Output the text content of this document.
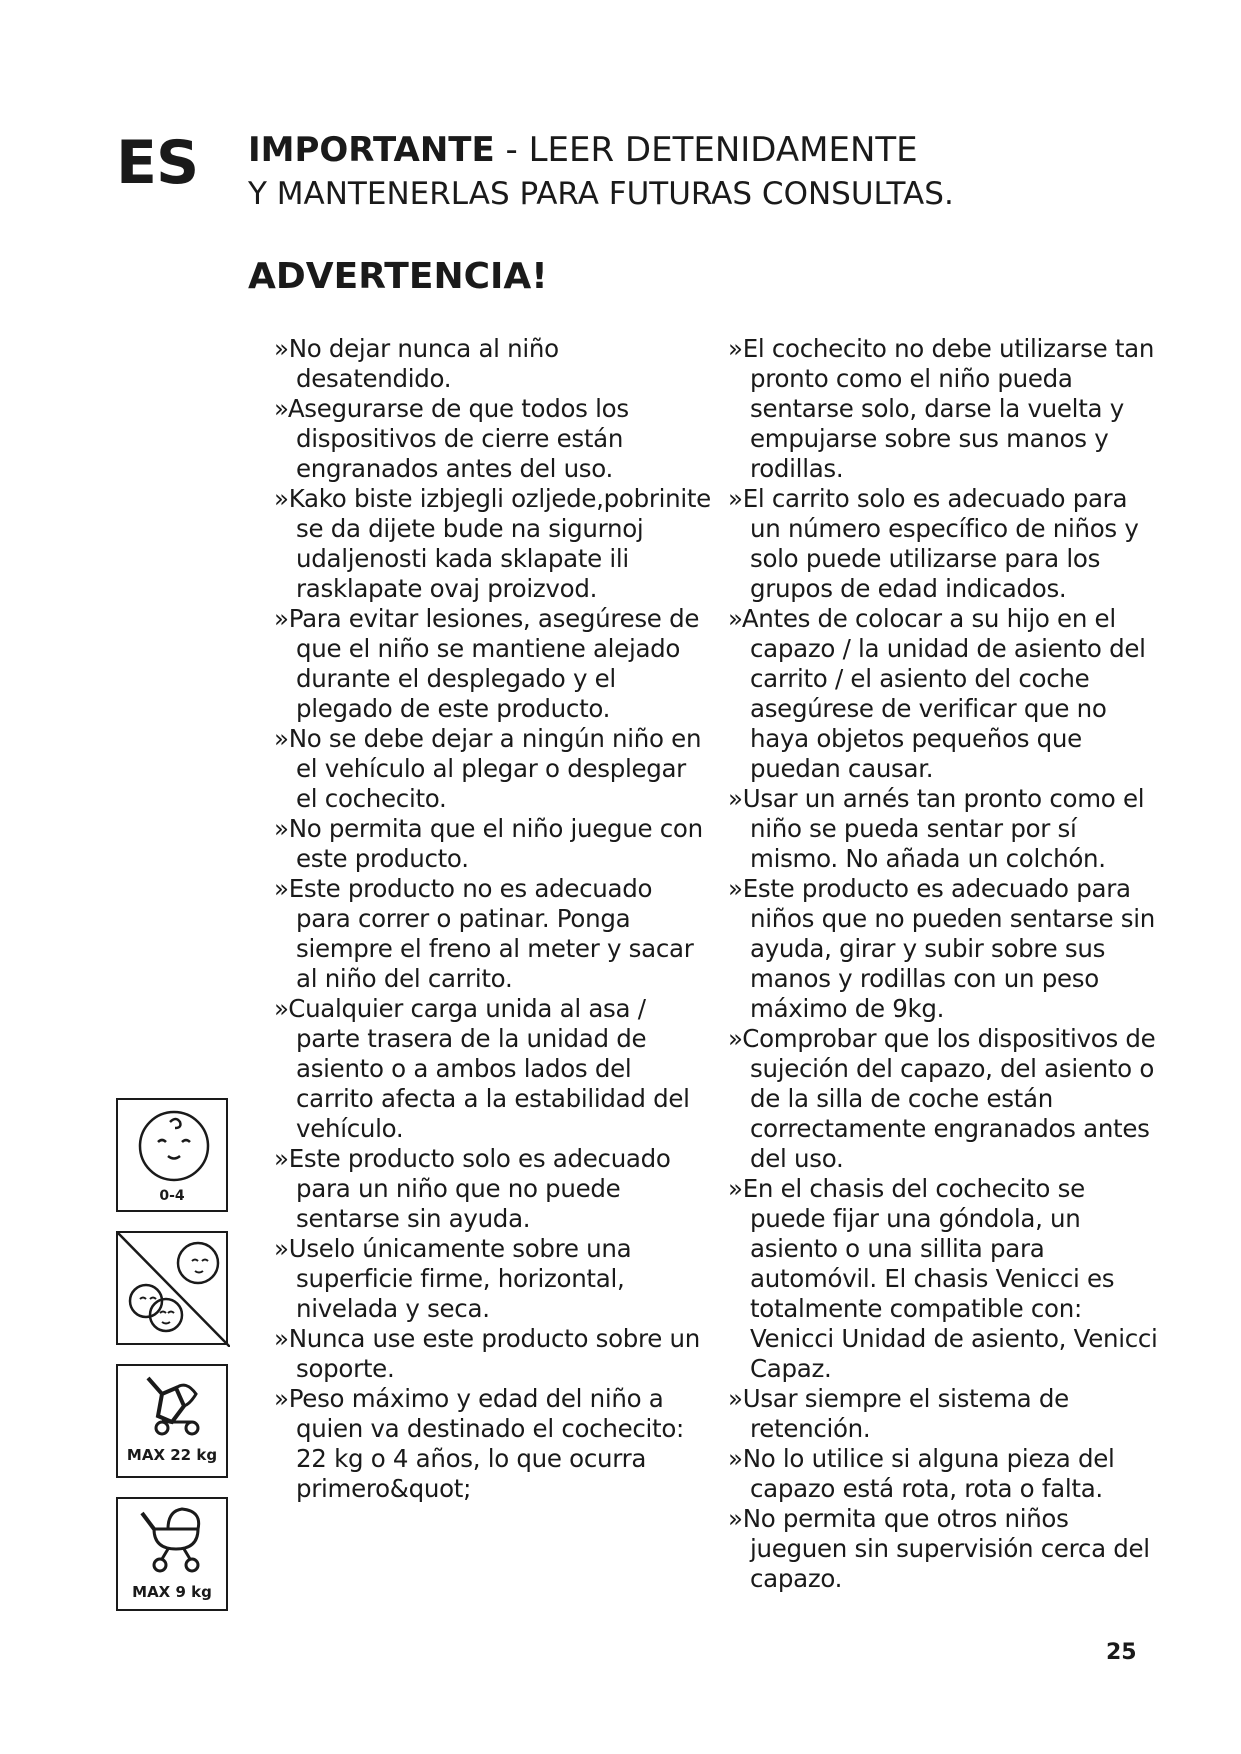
ES IMPORTANTE - LEER DETENIDAMENTE
Y MANTENERLAS PARA FUTURAS CONSULTAS.
ADVERTENCIA!

» No dejar nunca al niño desatendido.

» Asegurarse de que todos los dispositivos de cierre están engranados antes del uso.

» Kako biste izbjegli ozljede,pobrinite se da dijete bude na sigurnoj udaljenosti kada sklapate ili rasklapate ovaj proizvod.

» Para evitar lesiones, asegúrese de que el niño se mantiene alejado durante el desplegado y el plegado de este producto.

» No se debe dejar a ningún niño en el vehículo al plegar o desplegar el cochecito.

» No permita que el niño juegue con este producto.

» Este producto no es adecuado para correr o patinar. Ponga siempre el freno al meter y sacar al niño del carrito.

» Cualquier carga unida al asa / parte trasera de la unidad de asiento o a ambos lados del carrito afecta a la estabilidad del vehículo.

» Este producto solo es adecuado para un niño que no puede sentarse sin ayuda.

» Uselo únicamente sobre una superficie firme, horizontal, nivelada y seca.

» Nunca use este producto sobre un soporte.

» Peso máximo y edad del niño a quien va destinado el cochecito: 22 kg o 4 años, lo que ocurra primero&quot;

» El cochecito no debe utilizarse tan pronto como el niño pueda sentarse solo, darse la vuelta y empujarse sobre sus manos y rodillas.

» El carrito solo es adecuado para un número específico de niños y solo puede utilizarse para los grupos de edad indicados.

» Antes de colocar a su hijo en el capazo / la unidad de asiento del carrito / el asiento del coche asegúrese de verificar que no haya objetos pequeños que puedan causar.

» Usar un arnés tan pronto como el niño se pueda sentar por sí mismo. No añada un colchón.

» Este producto es adecuado para niños que no pueden sentarse sin ayuda, girar y subir sobre sus manos y rodillas con un peso máximo de 9kg.

» Comprobar que los dispositivos de sujeción del capazo, del asiento o de la silla de coche están correctamente engranados antes del uso.

» En el chasis del cochecito se puede fijar una góndola, un asiento o una sillita para automóvil. El chasis Venicci es totalmente compatible con: Venicci Unidad de asiento, Venicci Capaz.

» Usar siempre el sistema de retención.

» No lo utilice si alguna pieza del capazo está rota, rota o falta.

» No permita que otros niños jueguen sin supervisión cerca del capazo.

0-4
MAX 22 kg
MAX 9 kg
25
